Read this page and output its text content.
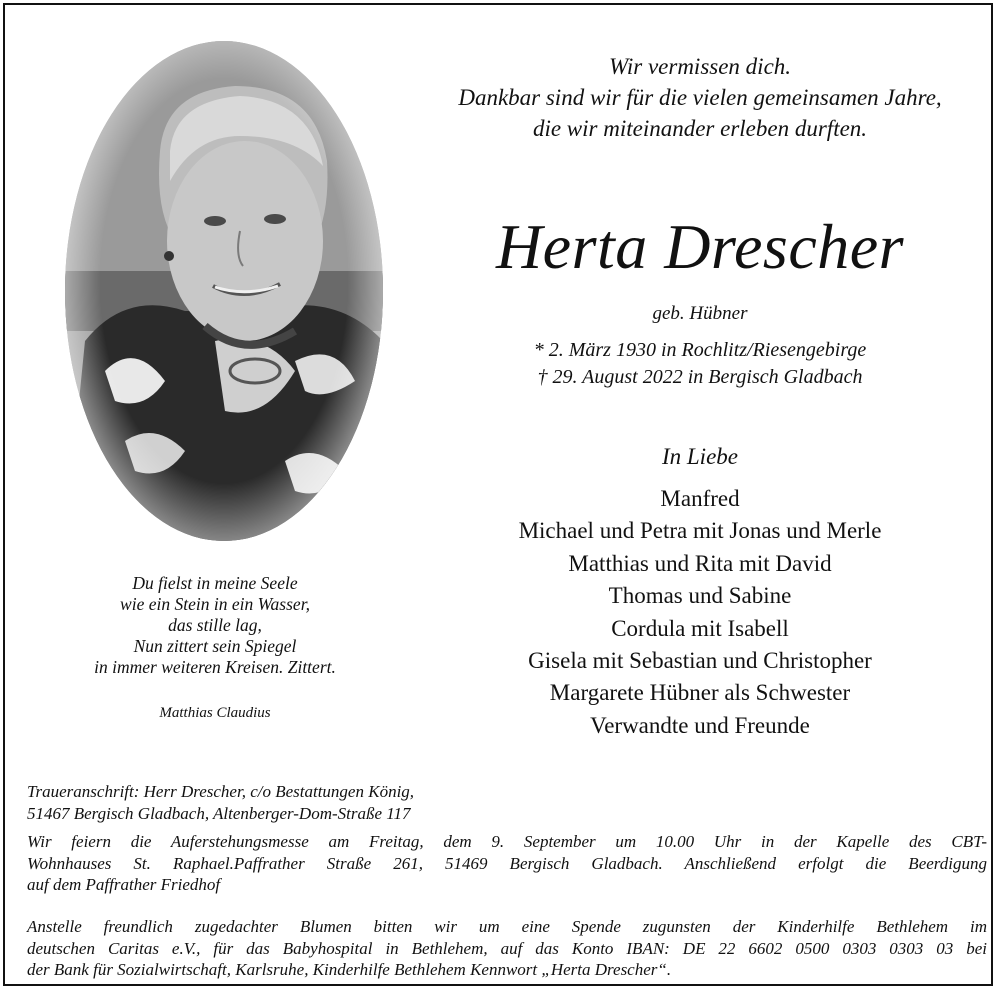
Wir vermissen dich.
Dankbar sind wir für die vielen gemeinsamen Jahre,
die wir miteinander erleben durften.
Herta Drescher
geb. Hübner
* 2. März 1930 in Rochlitz/Riesengebirge
† 29. August 2022 in Bergisch Gladbach
In Liebe
Manfred
Michael und Petra mit Jonas und Merle
Matthias und Rita mit David
Thomas und Sabine
Cordula mit Isabell
Gisela mit Sebastian und Christopher
Margarete Hübner als Schwester
Verwandte und Freunde
Du fielst in meine Seele
wie ein Stein in ein Wasser,
das stille lag,
Nun zittert sein Spiegel
in immer weiteren Kreisen. Zittert.
Matthias Claudius
Traueranschrift: Herr Drescher, c/o Bestattungen König,
51467 Bergisch Gladbach, Altenberger-Dom-Straße 117
Wir feiern die Auferstehungsmesse am Freitag, dem 9. September um 10.00 Uhr in der Kapelle des CBT-
Wohnhauses St. Raphael.Paffrather Straße 261, 51469 Bergisch Gladbach. Anschließend erfolgt die Beerdigung
auf dem Paffrather Friedhof
Anstelle freundlich zugedachter Blumen bitten wir um eine Spende zugunsten der Kinderhilfe Bethlehem im
deutschen Caritas e.V., für das Babyhospital in Bethlehem, auf das Konto IBAN: DE 22 6602 0500 0303 0303 03 bei
der Bank für Sozialwirtschaft, Karlsruhe, Kinderhilfe Bethlehem Kennwort „Herta Drescher“.
